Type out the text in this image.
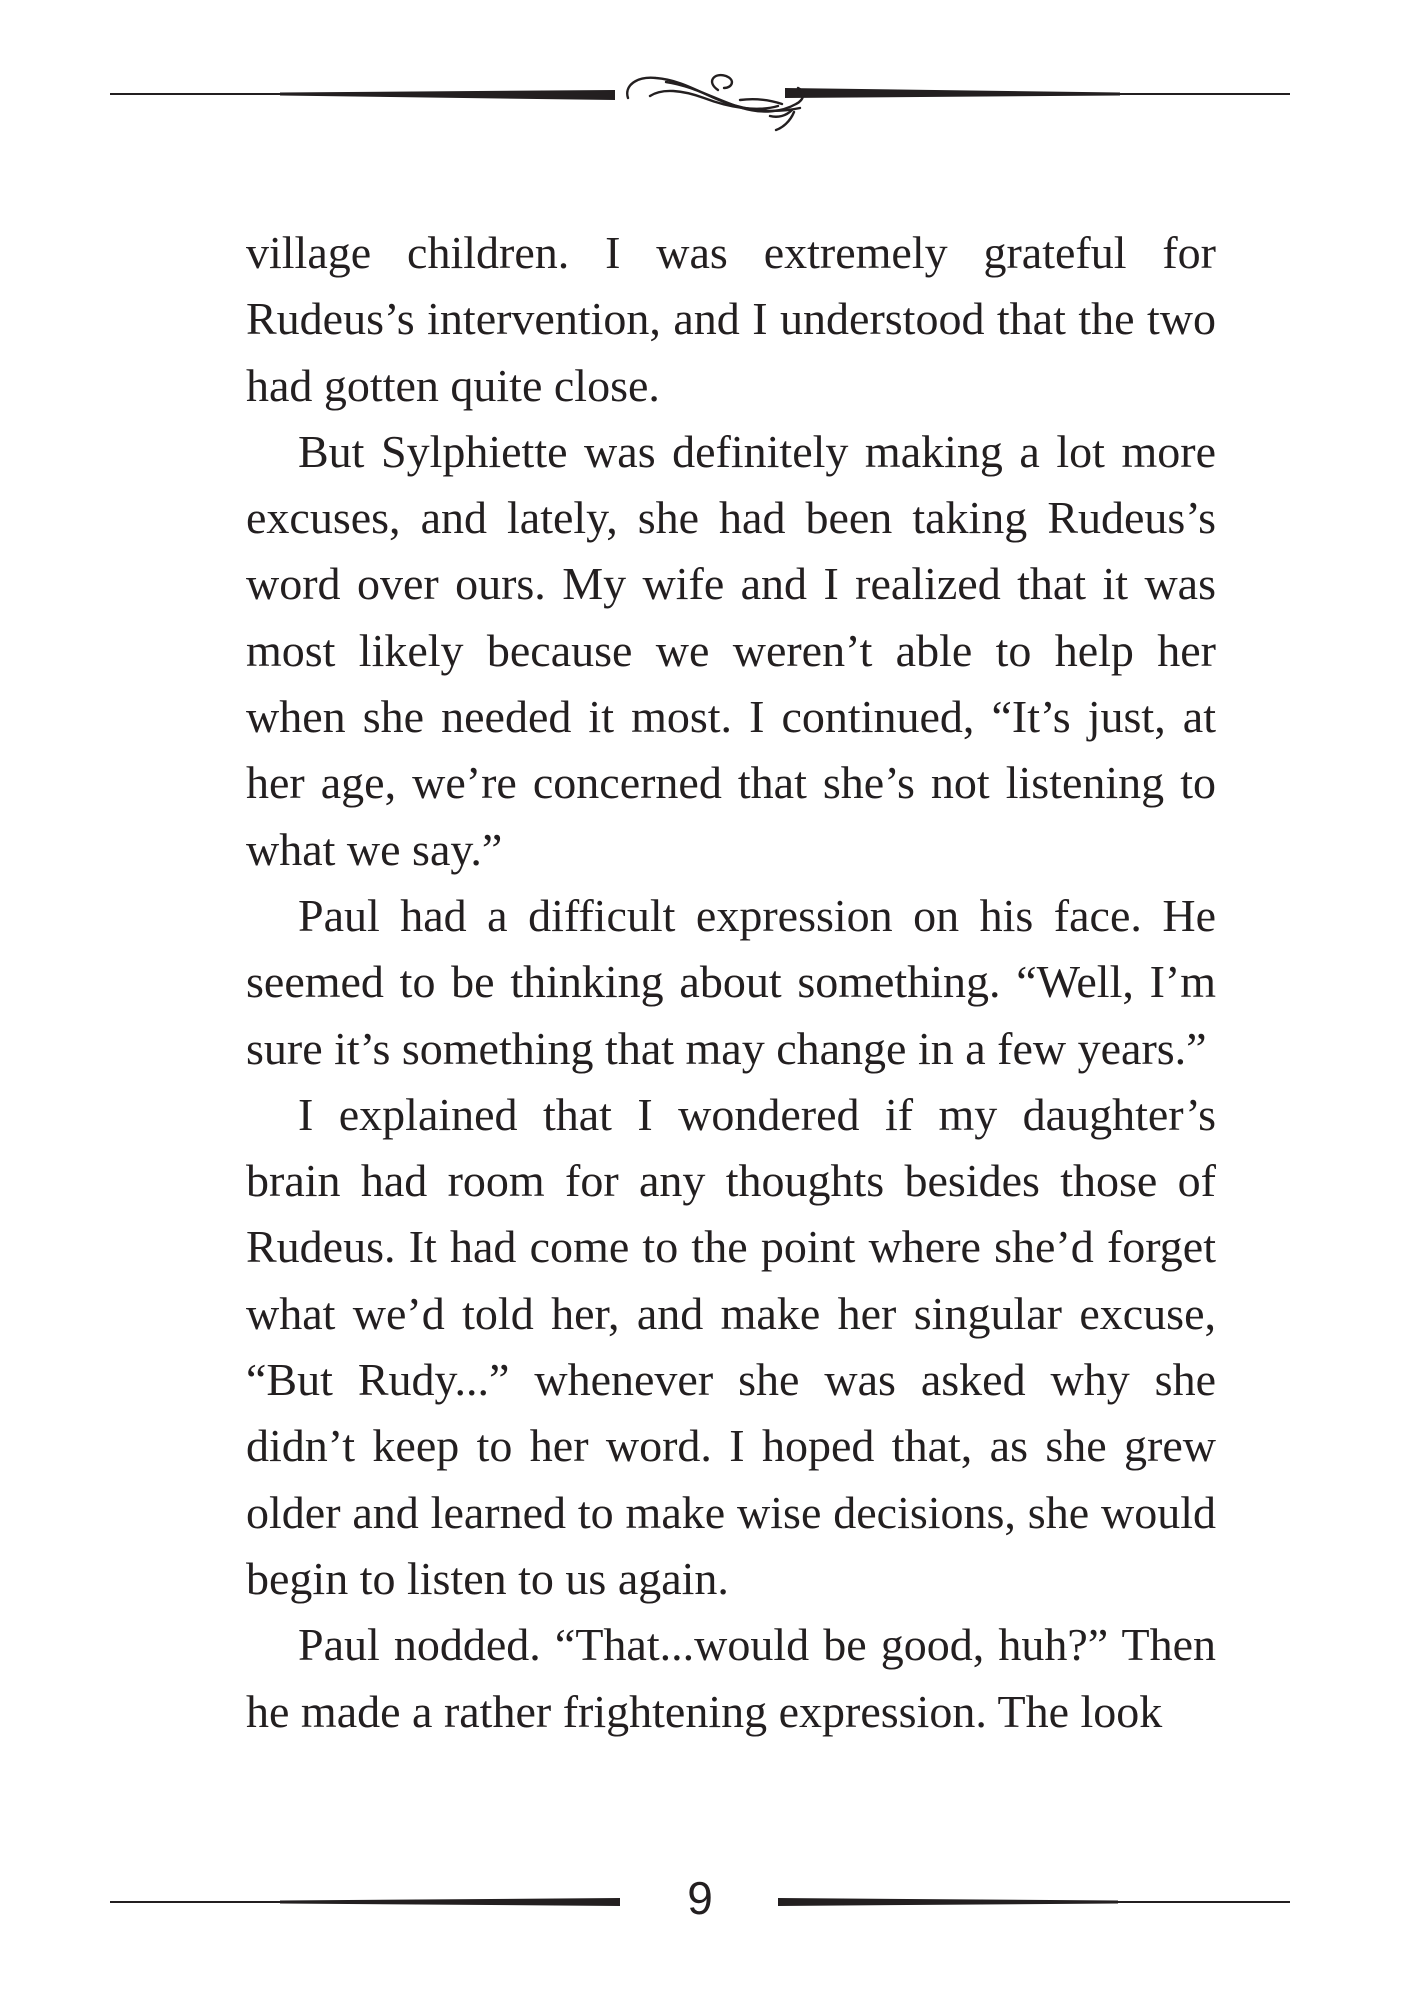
village children. I was extremely grateful for Rudeus’s intervention, and I understood that the two had gotten quite close.

But Sylphiette was definitely making a lot more excuses, and lately, she had been taking Rudeus’s word over ours. My wife and I realized that it was most likely because we weren’t able to help her when she needed it most. I continued, “It’s just, at her age, we’re concerned that she’s not listening to what we say.”

Paul had a difficult expression on his face. He seemed to be thinking about something. “Well, I’m sure it’s something that may change in a few years.”

I explained that I wondered if my daughter’s brain had room for any thoughts besides those of Rudeus. It had come to the point where she’d forget what we’d told her, and make her singular excuse, “But Rudy...” whenever she was asked why she didn’t keep to her word. I hoped that, as she grew older and learned to make wise decisions, she would begin to listen to us again.

Paul nodded. “That...would be good, huh?” Then he made a rather frightening expression. The look

9
